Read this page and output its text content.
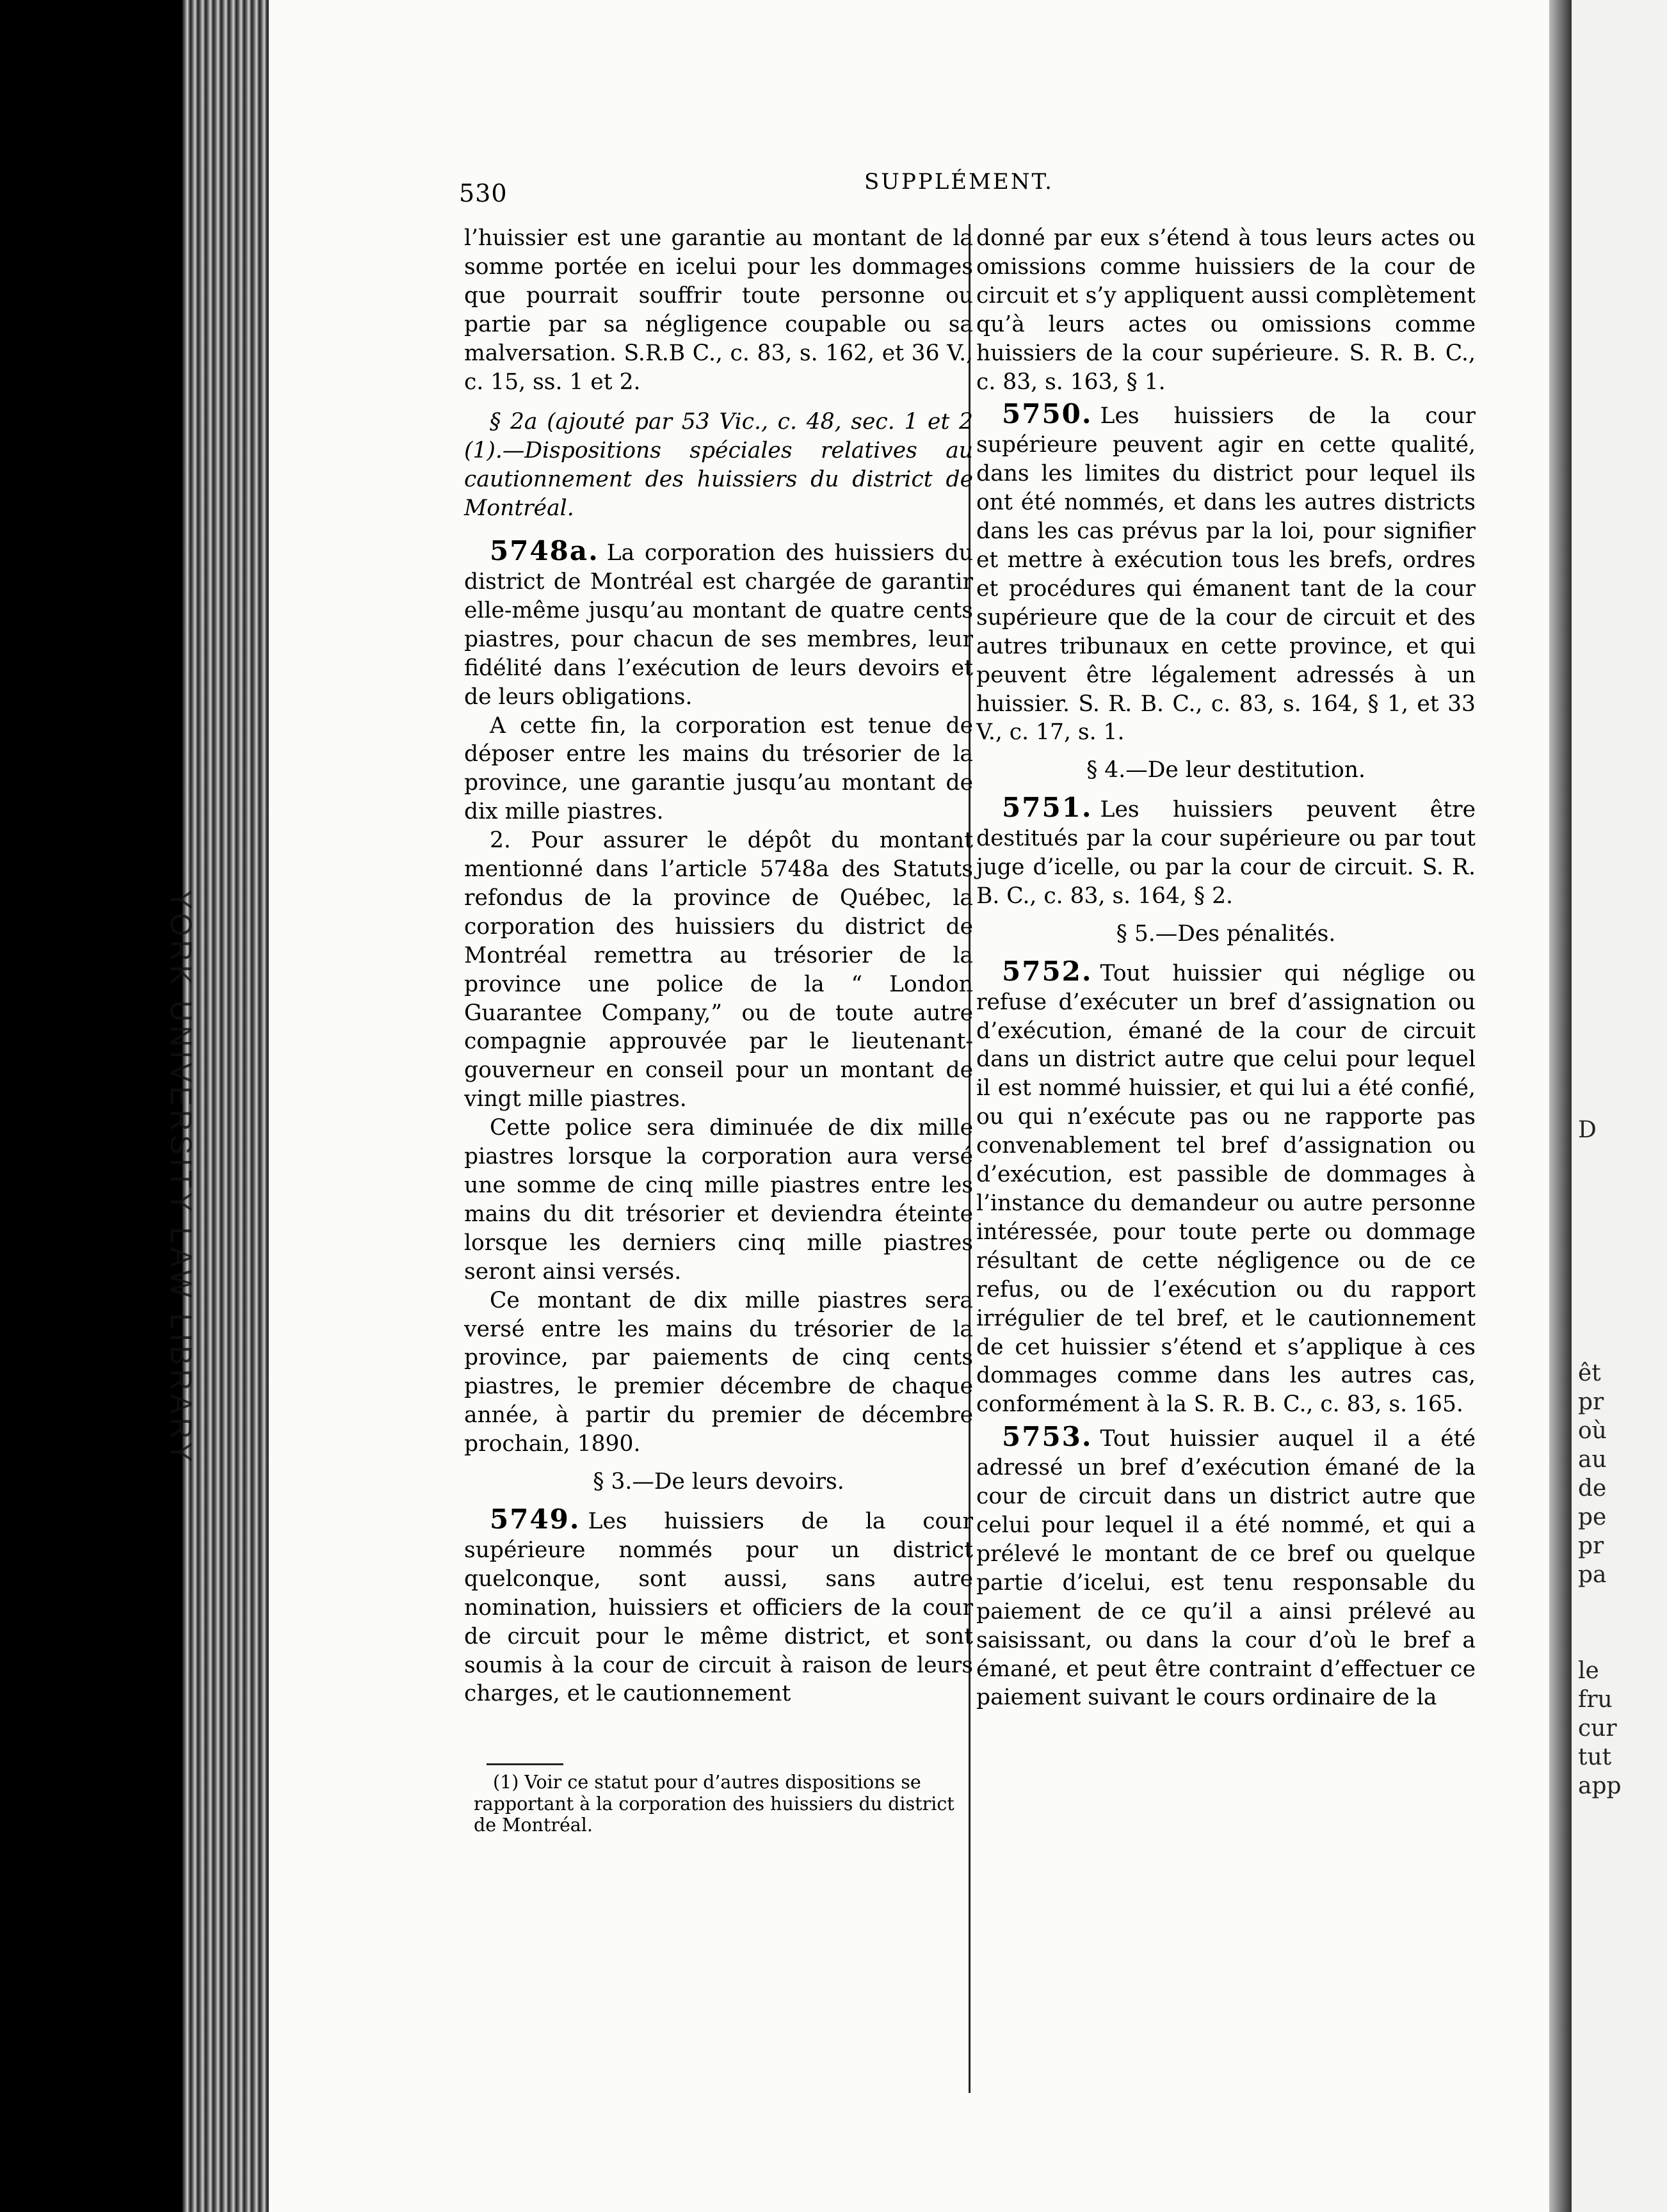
YORK UNIVERSITY LAW LIBRARY
530	SUPPLÉMENT.

l’huissier est une garantie au montant de la somme portée en icelui pour les dommages que pourrait souffrir toute personne ou partie par sa négligence coupable ou sa malversation. S.R.B C., c. 83, s. 162, et 36 V., c. 15, ss. 1 et 2.

§ 2a (ajouté par 53 Vic., c. 48, sec. 1 et 2 (1).—Dispositions spéciales relatives au cautionnement des huissiers du district de Montréal.

5748a. La corporation des huissiers du district de Montréal est chargée de garantir elle-même jusqu’au montant de quatre cents piastres, pour chacun de ses membres, leur fidélité dans l’exécution de leurs devoirs et de leurs obligations.

A cette fin, la corporation est tenue de déposer entre les mains du trésorier de la province, une garantie jusqu’au montant de dix mille piastres.

2. Pour assurer le dépôt du montant mentionné dans l’article 5748a des Statuts refondus de la province de Québec, la corporation des huissiers du district de Montréal remettra au trésorier de la province une police de la “ London Guarantee Company,” ou de toute autre compagnie approuvée par le lieutenant-gouverneur en conseil pour un montant de vingt mille piastres.

Cette police sera diminuée de dix mille piastres lorsque la corporation aura versé une somme de cinq mille piastres entre les mains du dit trésorier et deviendra éteinte lorsque les derniers cinq mille piastres seront ainsi versés.

Ce montant de dix mille piastres sera versé entre les mains du trésorier de la province, par paiements de cinq cents piastres, le premier décembre de chaque année, à partir du premier de décembre prochain, 1890.

§ 3.—De leurs devoirs.

5749. Les huissiers de la cour supérieure nommés pour un district quelconque, sont aussi, sans autre nomination, huissiers et officiers de la cour de circuit pour le même district, et sont soumis à la cour de circuit à raison de leurs charges, et le cautionnement

(1) Voir ce statut pour d’autres dispositions se rapportant à la corporation des huissiers du district de Montréal.

donné par eux s’étend à tous leurs actes ou omissions comme huissiers de la cour de circuit et s’y appliquent aussi complètement qu’à leurs actes ou omissions comme huissiers de la cour supérieure. S. R. B. C., c. 83, s. 163, § 1.

5750. Les huissiers de la cour supérieure peuvent agir en cette qualité, dans les limites du district pour lequel ils ont été nommés, et dans les autres districts dans les cas prévus par la loi, pour signifier et mettre à exécution tous les brefs, ordres et procédures qui émanent tant de la cour supérieure que de la cour de circuit et des autres tribunaux en cette province, et qui peuvent être légalement adressés à un huissier. S. R. B. C., c. 83, s. 164, § 1, et 33 V., c. 17, s. 1.

§ 4.—De leur destitution.

5751. Les huissiers peuvent être destitués par la cour supérieure ou par tout juge d’icelle, ou par la cour de circuit. S. R. B. C., c. 83, s. 164, § 2.

§ 5.—Des pénalités.

5752. Tout huissier qui néglige ou refuse d’exécuter un bref d’assignation ou d’exécution, émané de la cour de circuit dans un district autre que celui pour lequel il est nommé huissier, et qui lui a été confié, ou qui n’exécute pas ou ne rapporte pas convenablement tel bref d’assignation ou d’exécution, est passible de dommages à l’instance du demandeur ou autre personne intéressée, pour toute perte ou dommage résultant de cette négligence ou de ce refus, ou de l’exécution ou du rapport irrégulier de tel bref, et le cautionnement de cet huissier s’étend et s’applique à ces dommages comme dans les autres cas, conformément à la S. R. B. C., c. 83, s. 165.

5753. Tout huissier auquel il a été adressé un bref d’exécution émané de la cour de circuit dans un district autre que celui pour lequel il a été nommé, et qui a prélevé le montant de ce bref ou quelque partie d’icelui, est tenu responsable du paiement de ce qu’il a ainsi prélevé au saisissant, ou dans la cour d’où le bref a émané, et peut être contraint d’effectuer ce paiement suivant le cours ordinaire de la

D
êt
pr
où
au
de
pe
pr
pa
le
fru
cur
tut
app
